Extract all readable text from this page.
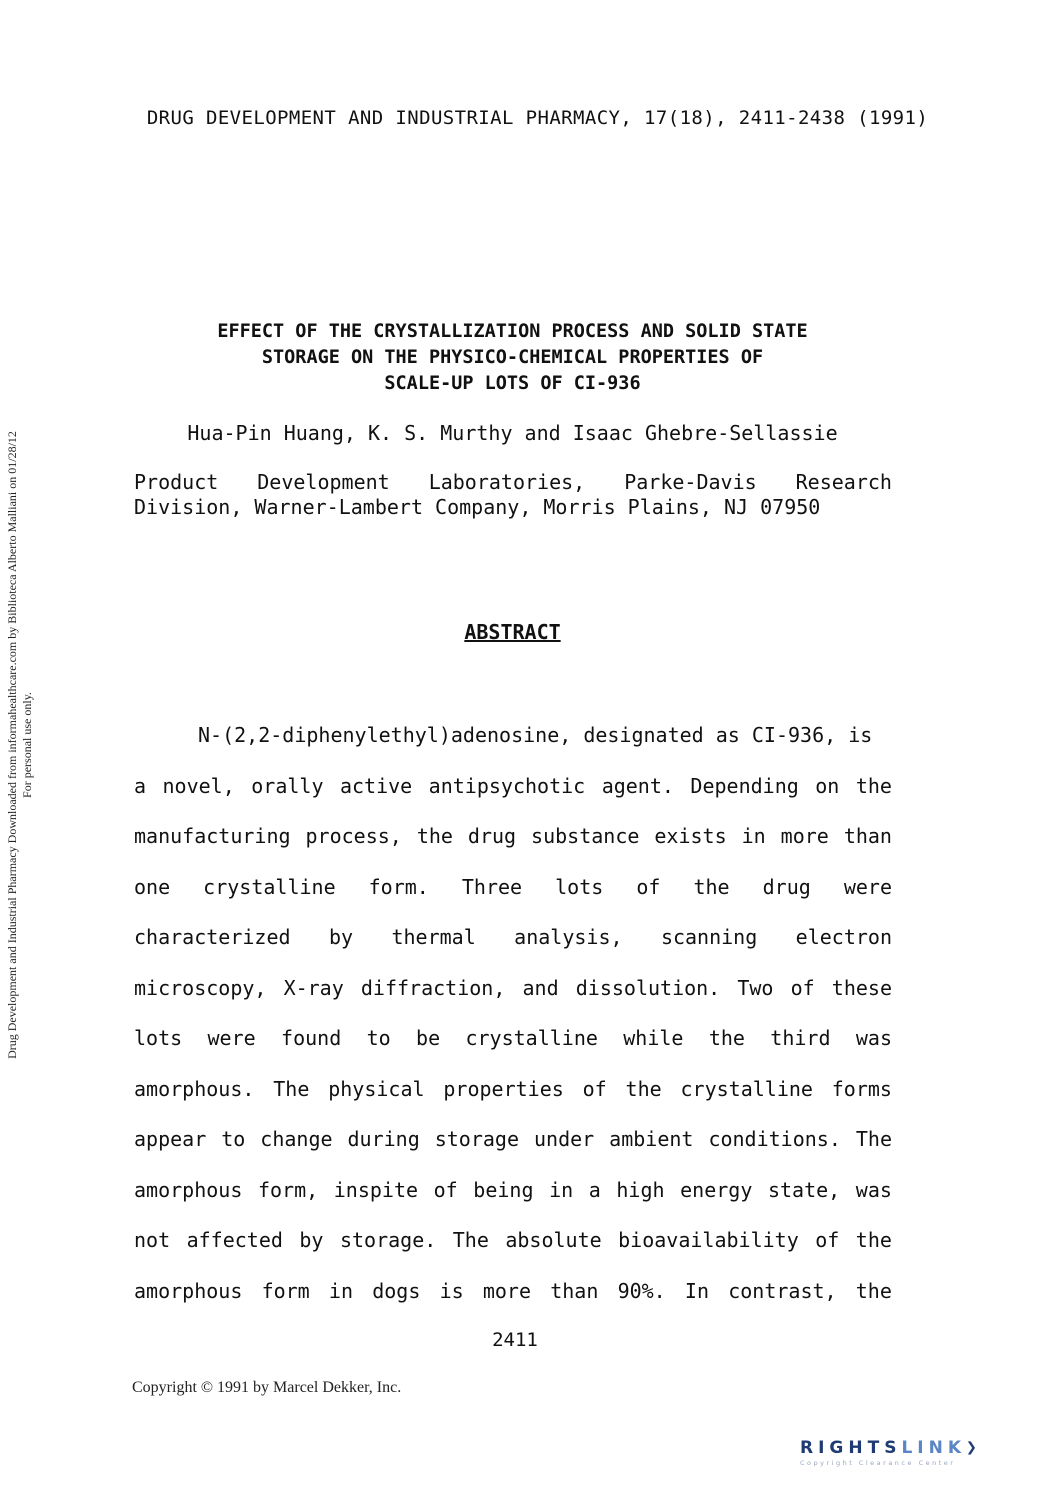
DRUG DEVELOPMENT AND INDUSTRIAL PHARMACY, 17(18), 2411-2438 (1991)
Drug Development and Industrial Pharmacy Downloaded from informahealthcare.com by Biblioteca Alberto Malliani on 01/28/12 For personal use only.
EFFECT OF THE CRYSTALLIZATION PROCESS AND SOLID STATE
STORAGE ON THE PHYSICO-CHEMICAL PROPERTIES OF
SCALE-UP LOTS OF CI-936
Hua-Pin Huang, K. S. Murthy and Isaac Ghebre-Sellassie
Product Development Laboratories, Parke-Davis Research
Division, Warner-Lambert Company, Morris Plains, NJ 07950
ABSTRACT
N-(2,2-diphenylethyl)adenosine, designated as CI-936, is
a novel, orally active antipsychotic agent. Depending on the
manufacturing process, the drug substance exists in more than
one crystalline form. Three lots of the drug were
characterized by thermal analysis, scanning electron
microscopy, X-ray diffraction, and dissolution. Two of these
lots were found to be crystalline while the third was
amorphous. The physical properties of the crystalline forms
appear to change during storage under ambient conditions. The
amorphous form, inspite of being in a high energy state, was
not affected by storage. The absolute bioavailability of the
amorphous form in dogs is more than 90%. In contrast, the
2411
Copyright © 1991 by Marcel Dekker, Inc.
RIGHTSLINK❯
Copyright Clearance Center
